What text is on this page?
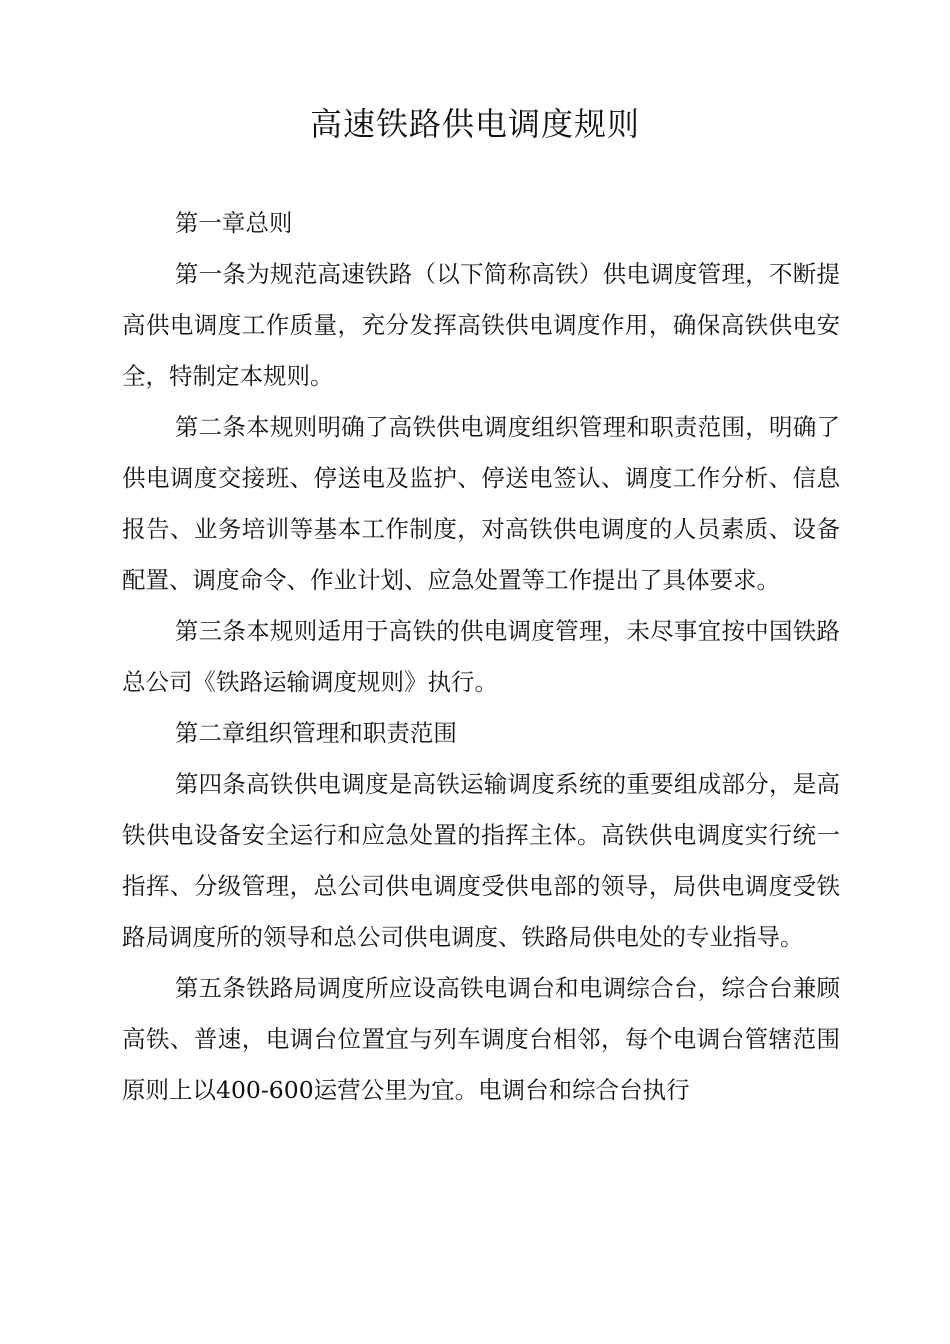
高速铁路供电调度规则

第一章总则

第一条为规范高速铁路（以下简称高铁）供电调度管理，不断提高供电调度工作质量，充分发挥高铁供电调度作用，确保高铁供电安全，特制定本规则。

第二条本规则明确了高铁供电调度组织管理和职责范围，明确了供电调度交接班、停送电及监护、停送电签认、调度工作分析、信息报告、业务培训等基本工作制度，对高铁供电调度的人员素质、设备配置、调度命令、作业计划、应急处置等工作提出了具体要求。

第三条本规则适用于高铁的供电调度管理，未尽事宜按中国铁路总公司《铁路运输调度规则》执行。

第二章组织管理和职责范围

第四条高铁供电调度是高铁运输调度系统的重要组成部分，是高铁供电设备安全运行和应急处置的指挥主体。高铁供电调度实行统一指挥、分级管理，总公司供电调度受供电部的领导，局供电调度受铁路局调度所的领导和总公司供电调度、铁路局供电处的专业指导。

第五条铁路局调度所应设高铁电调台和电调综合台，综合台兼顾高铁、普速，电调台位置宜与列车调度台相邻，每个电调台管辖范围原则上以400-600运营公里为宜。电调台和综合台执行
